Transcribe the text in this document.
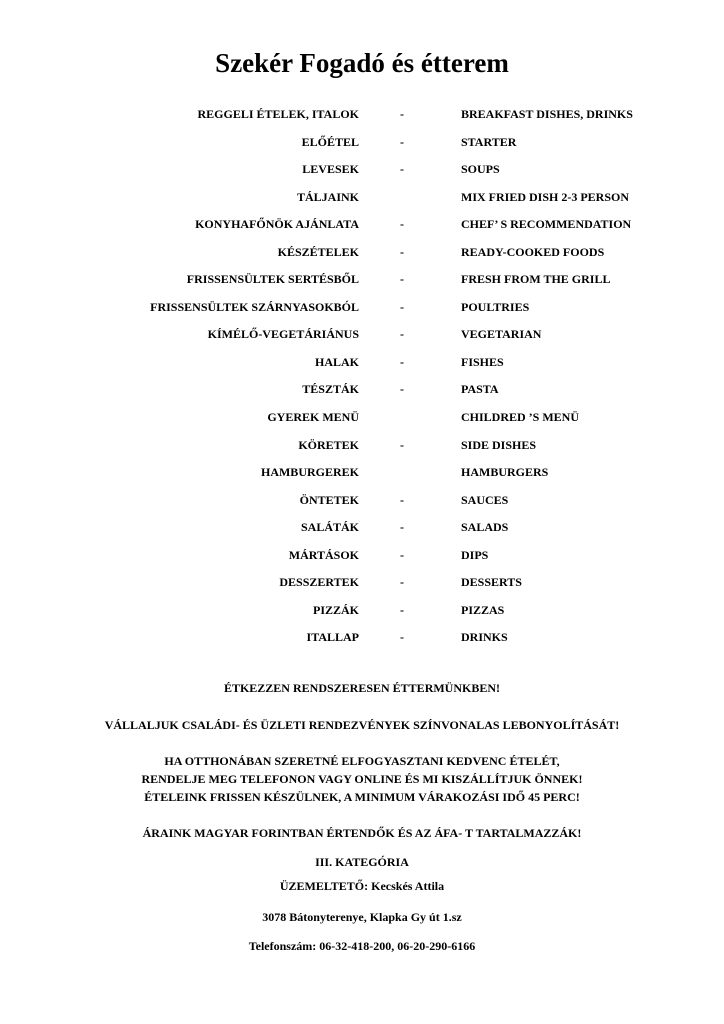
Szekér Fogadó és étterem
REGGELI ÉTELEK, ITALOK	-	BREAKFAST DISHES, DRINKS
ELŐÉTEL	-	STARTER
LEVESEK	-	SOUPS
TÁLJAINK	MIX FRIED DISH 2-3 PERSON
KONYHAFŐNÖK AJÁNLATA	-	CHEF’ S RECOMMENDATION
KÉSZÉTELEK	-	READY-COOKED FOODS
FRISSENSÜLTEK SERTÉSBŐL	-	FRESH FROM THE GRILL
FRISSENSÜLTEK SZÁRNYASOKBÓL	-	POULTRIES
KÍMÉLŐ-VEGETÁRIÁNUS	-	VEGETARIAN
HALAK	-	FISHES
TÉSZTÁK	-	PASTA
GYEREK MENÜ	CHILDRED ’S MENÜ
KÖRETEK	-	SIDE DISHES
HAMBURGEREK	HAMBURGERS
ÖNTETEK	-	SAUCES
SALÁTÁK	-	SALADS
MÁRTÁSOK	-	DIPS
DESSZERTEK	-	DESSERTS
PIZZÁK	-	PIZZAS
ITALLAP	-	DRINKS
ÉTKEZZEN RENDSZERESEN ÉTTERMÜNKBEN!
VÁLLALJUK CSALÁDI- ÉS ÜZLETI RENDEZVÉNYEK SZÍNVONALAS LEBONYOLÍTÁSÁT!
HA OTTHONÁBAN SZERETNÉ ELFOGYASZTANI KEDVENC ÉTELÉT,
RENDELJE MEG TELEFONON VAGY ONLINE ÉS MI KISZÁLLÍTJUK ÖNNEK!
ÉTELEINK FRISSEN KÉSZÜLNEK, A MINIMUM VÁRAKOZÁSI IDŐ 45 PERC!
ÁRAINK MAGYAR FORINTBAN ÉRTENDŐK ÉS AZ ÁFA- T TARTALMAZZÁK!
III. KATEGÓRIA
ÜZEMELTETŐ: Kecskés Attila
3078 Bátonyterenye, Klapka Gy út 1.sz
Telefonszám: 06-32-418-200, 06-20-290-6166
